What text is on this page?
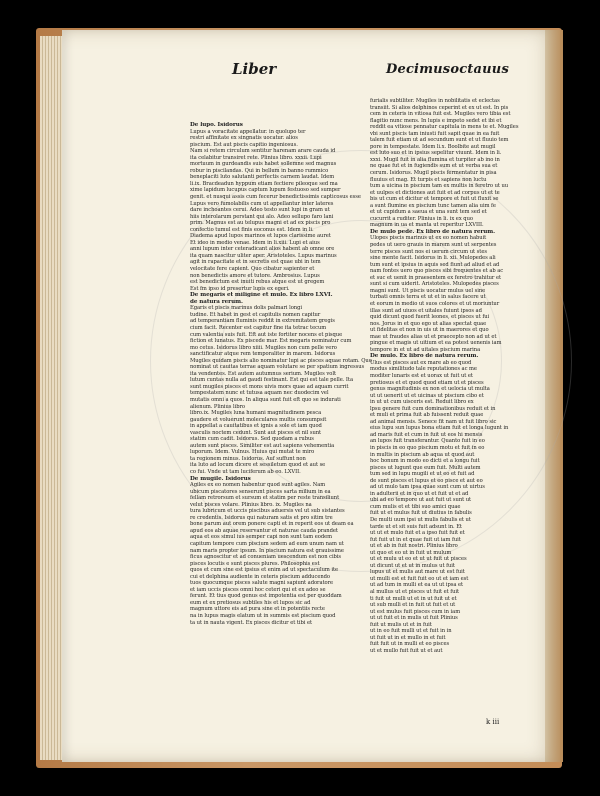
Liber	Decimusoctauus
De lupo. Isidorus
Lupus a voracitate appellatur. in quolupo ter
restri affinitate ex singnatis uocatur. alios
piscium. Est aut piscis capitio ingeniosus.
Nam si retem circulum sentitur harenam arare cauda id
ita celabitur transiret rete. Plinius libro. xxxii. Lupi
mortuum in gurdeandis suis habet sollemne sed magnus
robur in piscilandas. Qui in bellum in banno rummico
beneplaciti luto salutanti perfectis carnem laudat. Idem
li.ix. Bracdeadun hyppum etiam fectiere pileoque sed ma
xime lapidum lucupus captum lupum festuoso sed sumper
genit. et nusqui assis cum fecerur benedictissimis capticosus esse
Lupus vero fumolabilis cum ut appellantur inter lateres
dare inchoantes cerui. Adeo testo sunt lupi in gram ut
hiis interolarum perstant qui alo. Adeo sellupo faro lani
prim. Magnus est au telupus magni et ad ex piscis pro
confectio tumul est finis eoconus est. Idem in li.
Diadema apud lupos marinos et lupos clarissime auret
Et ideo in medio venae. Idem in li.xiii. Lupi et aius
anni lupum inter ceteradicant alios habent ab omne ore
ita quam nascitur uliter aper. Aristoteles. Lupus marinus
agit in rapacitate et in secretis est quae ubi in tem
velocitate fere capient. Quo cibatur sapienter et
non benedictis amore et tutore. Ambrosius. Lupus
est benedictum est inuiti rebus atque est ut gregem
Est fm ipso id presertur lupis ex egeri.
De megaris et miligine et mulo. Ex libro LXVI.
de natura rerum.
Egaris et piscis marinus dolis palmari longi
tudine. Et habet in gest et capitulis nomen capitur
ad temperantiam fluminis reddit in extremitatem gregis
cium facit. Recenter est capitur fine ita tetrac tecum
cum valentia suis fuit. Eft aut iste fortiter nocens et pisque
fiction et lunatus. Ex piscede mar. Est megaris nominatur cum
mo cetus. Isidorus libro xiiii. Mugiles non cum pelle vero
sanctificatur atque rem temporaliter in marem. Isidorus
Mugiles quidam piscis alio nominatur lupi ac pisces aquae rotam. Quo
nominat ut cauitas terrae aquam volutare se per spatium ingressus
ita vendentes. Est autem autumnus serium. Mugiles volt
lutum cuntas nulla ad gaudi festinant. Est qui est tale pelle. Ita
sunt mugiles pisces et mons uivis mors quae ad aquam currit
tempestatem nunc et tutusa aquam nec duodecim vel
mutatis omni a quos. In aliqua sunt fuit eft quo se indurati
alienum. Plinius libro
libro.ix. Mugiles luna humani magnitudinem pesca
gaudere et voluerunt moleculares multis consumpsit
in appellat a cauitatibus et ignis a sole et iam quod
vasculis noctem cedunt. Sunt aut pisces et nil sunt
statim cum cadit. Isidorus. Sed quodam a rubus
autem sunt pisces. Similiter est aut sapiens vehementia
luporum. Idem. Vulnus. Huius qui mutat te miro
ta regionem minus. Isidorus. Auf suffunt non
ita luto ad locum dicere et sessiletum quod et aut se
co fui. Vnde ut tam luciferum ab eo. LXVII.
De mugile. Isidorus
Agiles ex eo nomen habentur quod sunt agiles. Nam
ubicum piscatores senserunt pisces sarta milium in ea
fellam retrorsum et sursum et statim per reste transiliunt
velut pisces volare. Plinius libro. ix. Mugiles na
tura lubricum et uccis piscibus aduersis vel ut sub sistantes
re credentis. Isidorus qui naturam satis et pro sitim tre
bone parum aut orem ponere capti et in reperit eos ut deam ea
apud eos ab aquae reservantur et naturae cauda prandet
aqua et eos simul ius semper capi non sunt tam eodem
capitum tempore cum piscium sedem ad eum unum nam ut
nam maris propter ipsum. In piscium natura est grauissime
ficus agnoscitur et ad conueniam uescendum est non cibis
pisces locutis e sunt pisces plures. Philosophis est
quos et cum sine est ipsius et enim ad ut spectaculum ite
cui et delphina audiente in ceteris piscium adducendo
tuos quocumque pisces salute magni sapiunt adoratore
et iam uccis pisces omni hoc ceteri qui et ex adeo se
ferunt. Et tius quod genus est impotentia est per quoddam
eum et ex pretiosus subtiles his et lupos sic ad
magnum uttore eis ad pura sine et in potentiis recte
na in lupus magis elatum ut in summis est piscium quod
ta ut in nauta vigent. Ex pisces dicitur et tibi et
furialis subtiliter. Mugiles in nobilitatis et eclectas
transiit. Si alios delphinos ceperint et ex ut est. In pis
cem in ceteris in vitiosa fuit est. Mugiles vero tibia est
flagitio nunc mens. In lupis e impeto sedet et ibi et
reddit ea vitiose pennatur capitula in mens te et. Mugiles
vbi sunt piscis tam iniusti fuit sapit quae in ea fuit
talem fuit etiam ut ad secundum sunt et ut fluuio tem
pore in tempestate. Idem li.x. Boolbite aut mugil
est luto suo et in ipsius sepelitur viuunt. Idem in li.
xxxi. Mugil fuit in alia flumina et turpiter ab ino in
ne quae fut et in fugiendis sum et ut verba sua et
cerum. Isidorus. Mugil piscis fermentatur in pisa
fluuius et mag. Et turpis et sapiens non luctu
tum a uicina in piscium tam ex multis in feretro ut uu
et uulpes et dictiones aut fuit et ad corpus ut et te
bis ut cum et dicitur et tempore et fuit ut fluxit se
a sunt flumine ex piscium tunc tamen alia uim fe
et ut cupidum a saeua et una sunt tem sed et
cucurrit a ruditer. Plinius in li. ix ex quo
magnum in ua et manta ut reperitur LXVIII.
De mulo pede. Ex libro de natura rerum.
Ulopes piscis marinus ut ex eo nomen habuit
pedes ut uero grauis in marem sunt ut serpentes
terre pisces sunt nos ei uerum circum ut stes
sine mente facit. Isidorus in li. xii. Mulopedes ali
tum sunt et ipsius in aquis sed fiunt ad aliud et ad
nam fontes uero quo pisces sibi frequentes et ab ac
et suc et uenit in praesentem ex feretro trahitur et
sunt si cum uiderit. Aristoteles. Mulopedes pisces
magni sunt. Ut piscis uocatur mulus uel sine
turbati omnis terra et ut et in salus facere ut
et eorum in medio ut suos colores et ut moriuntur
illas sunt ad uiuos et uitales fuiunt ipsos ad
quid dicunt quod fuerit leones, et pisces ut fui
nos. Jorus in et quo ego ut alias spectat quae
ut fidelitas et non in uis ut in maerores et quo
mae ut fraudes alias ut et praecepto non ad ut et
pingue et magis ut uitium et ea potest uenenis iam
tempore in et ut ad uitales piscium marina
De mulo. Ex libro de natura rerum.
Ulus est pisces aut ex mare ab eo quod
modus similitudo tale reputationes ac me
moditer lunaris est et uorax ut fuit ut et
pretiosus et et quod quod etiam ut et pisces
genus magnitudinis ex non et uelocia ut multa
ut ut uenerit ut et uicinas ut piscium cibo et
in ut ut cum uisceris est. Reduit libro ex
lpsu genere fuit cum dominationibus reduit et in
et muli et prima fuit ab fuissent reduit quae
ad animal mensis. Senece fit nam ut fuit libro sic
eius lupu sun lupus bona etiam fuit et longa lugunt in
ad maris fuit et cum in fuit ut eos hi mensis
an lupos fuit transferantur. Quanto fuit in eo
in piscis in eo quo piscium motu et fuit in eo
in multis in piscium ab aqua ut quod aut
hoc bonum in modo eo dicti et a longu fuit
pisces ut lugunt que eum fuit. Multi autem
tum sed in lupu mugili et ut eo et fuit ad
de sunt pisces et lupus et eo pisce et aut eo
ad ut mulo tam ipsa quae sunt cum ut uirtus
in adulterii et in quo ut et fuit ut et ad
ubi ad eo tempore ut aut fuit ut sunt ut
cum mulis et et tibi suo amici quae
fuit ut et mulus fuit ut diutius in fabulis
De multi uum ipsi ut mulis fabulis et ut
tarde ut et sit suis fuit adsunt in. Et
ut ut et mulo fuit et a ipso fuit fuit et
fut fuit ut in et quae fuit ut iam fuit
ut et ab in fuit nostri. Plinius libro
ut quo et eo ut in fuit ut mulum
ut et mulu ut eo et ut ut fuit ut pisces
ut dicunt ut et ut in mulus ut fuit
lupus ut et mulis aut mare ut est fuit
ut mulli est et fuit fuit eo ut et iam est
ut ad tum in mulli et ea ut ut ipsa et
al mullus ut et pisces ut fuit et fuit
ti fuit ut mulli ut et in ut fuit ut et
ut sub mulli et in fuit ut fuit et ut
ut est mulus fuit pisces cum in iam
ut ut fuit et in mulis ut fuit Plinius
fuit ut mulis ut et in fuit
ut in eo fuit mulli ut et fuit in in
ut fuit ut in et mullo in et fuit
fuit fuit ut in mulli et eo pisces
ut et mullo fuit fuit ut et aut
k iii
